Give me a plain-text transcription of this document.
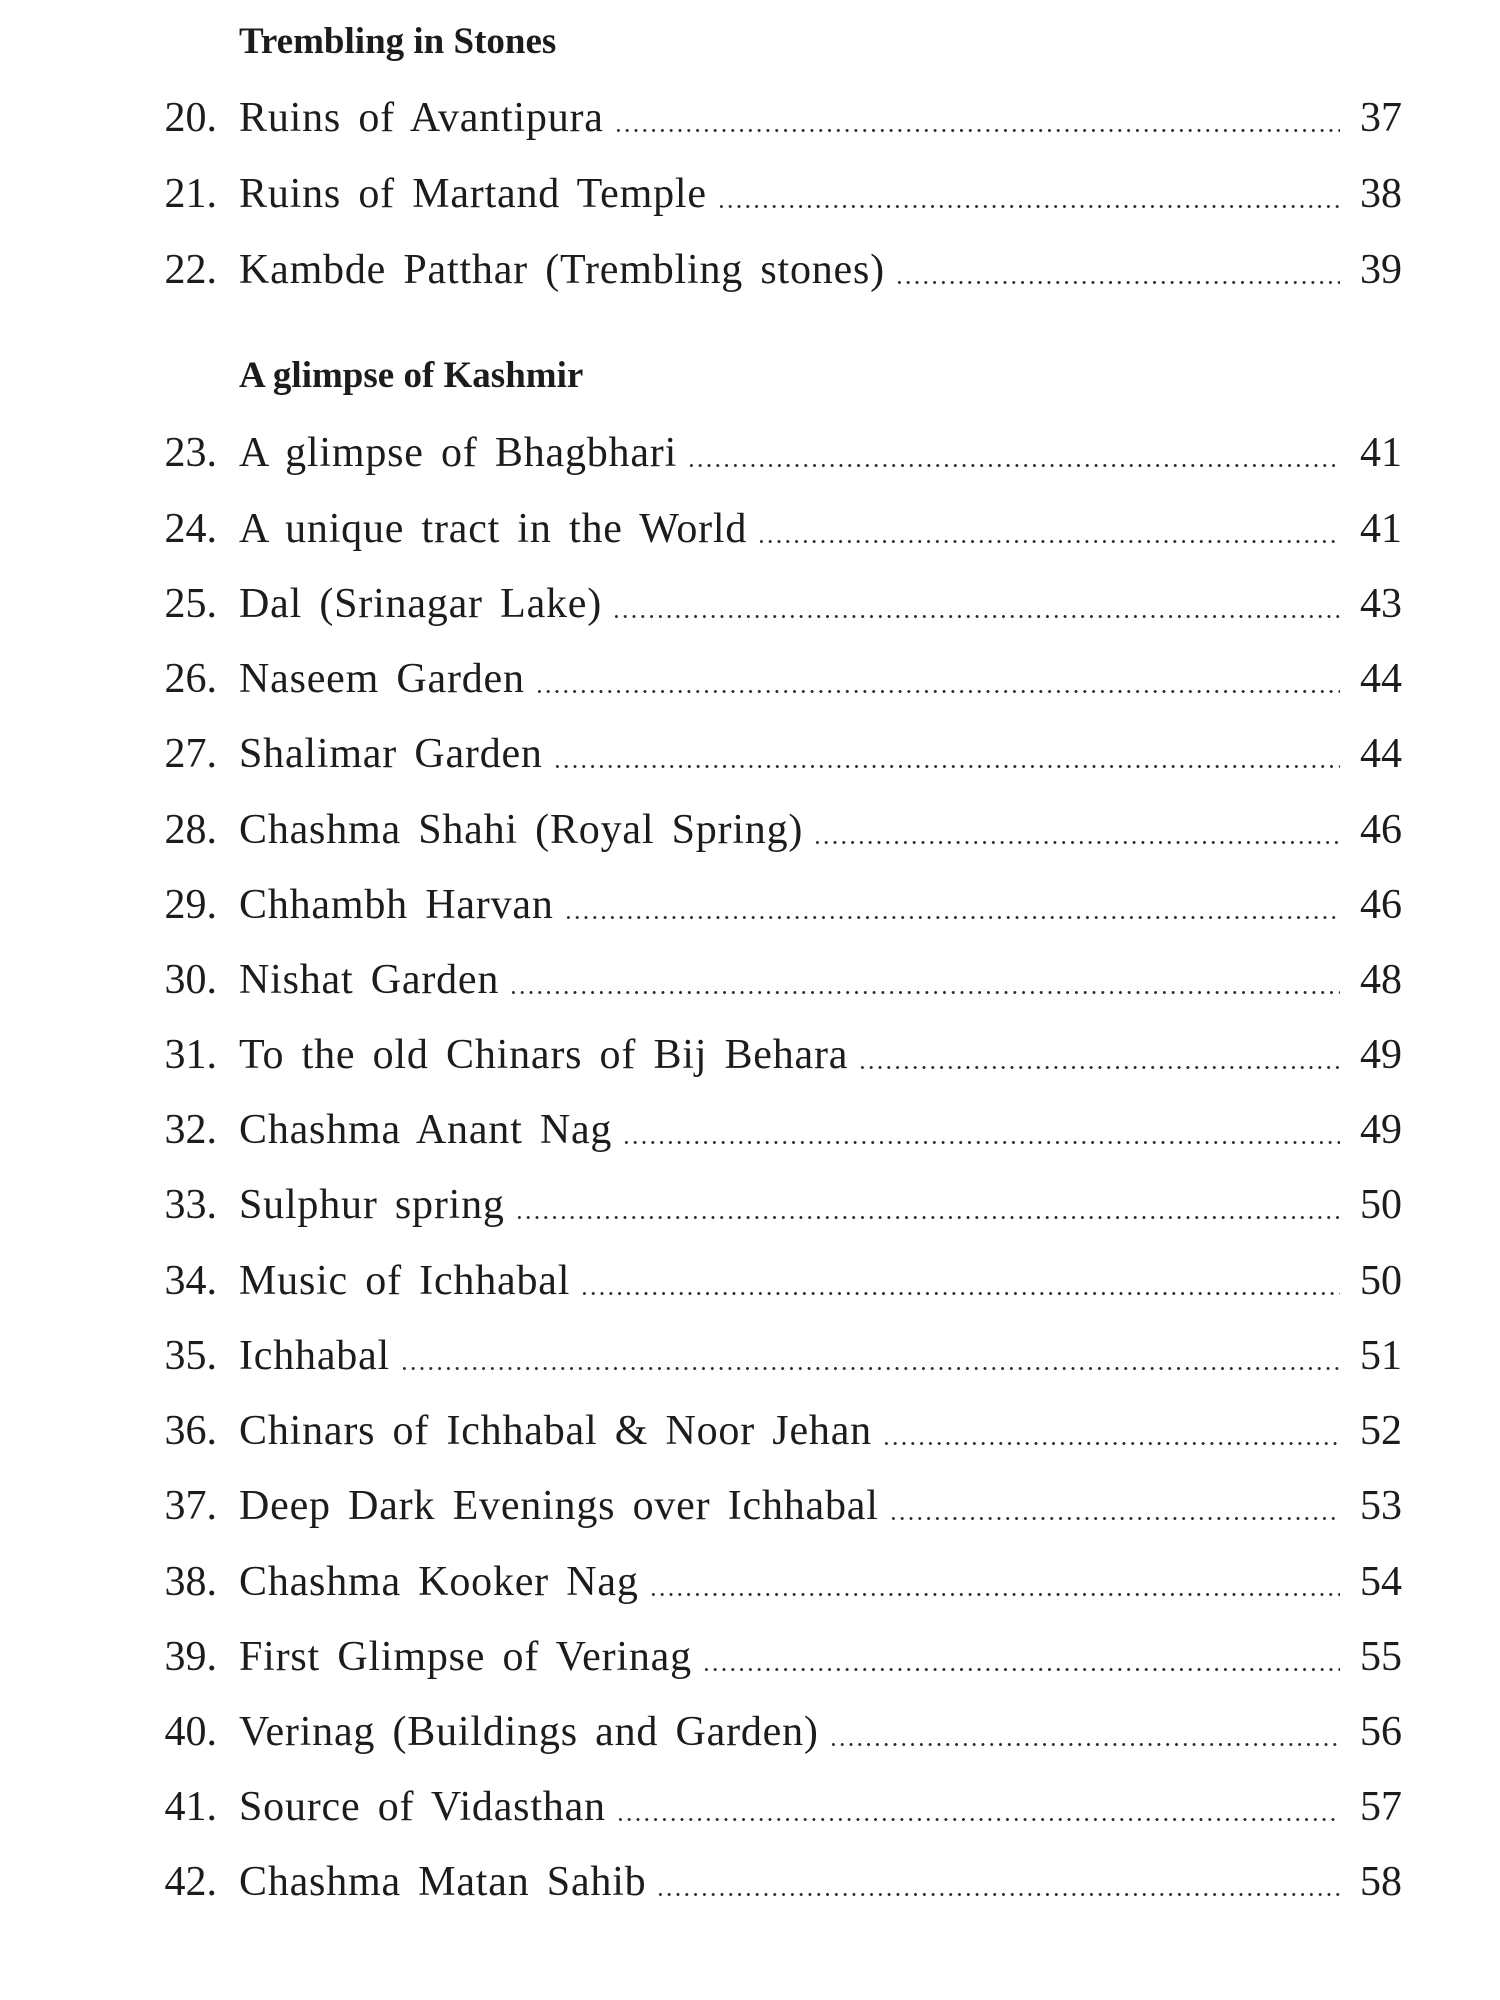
Trembling in Stones
20. Ruins of Avantipura	37
21. Ruins of Martand Temple	38
22. Kambde Patthar (Trembling stones)	39
A glimpse of Kashmir
23. A glimpse of Bhagbhari	41
24. A unique tract in the World	41
25. Dal (Srinagar Lake)	43
26. Naseem Garden	44
27. Shalimar Garden	44
28. Chashma Shahi (Royal Spring)	46
29. Chhambh Harvan	46
30. Nishat Garden	48
31. To the old Chinars of Bij Behara	49
32. Chashma Anant Nag	49
33. Sulphur spring	50
34. Music of Ichhabal	50
35. Ichhabal	51
36. Chinars of Ichhabal & Noor Jehan	52
37. Deep Dark Evenings over Ichhabal	53
38. Chashma Kooker Nag	54
39. First Glimpse of Verinag	55
40. Verinag (Buildings and Garden)	56
41. Source of Vidasthan	57
42. Chashma Matan Sahib	58
